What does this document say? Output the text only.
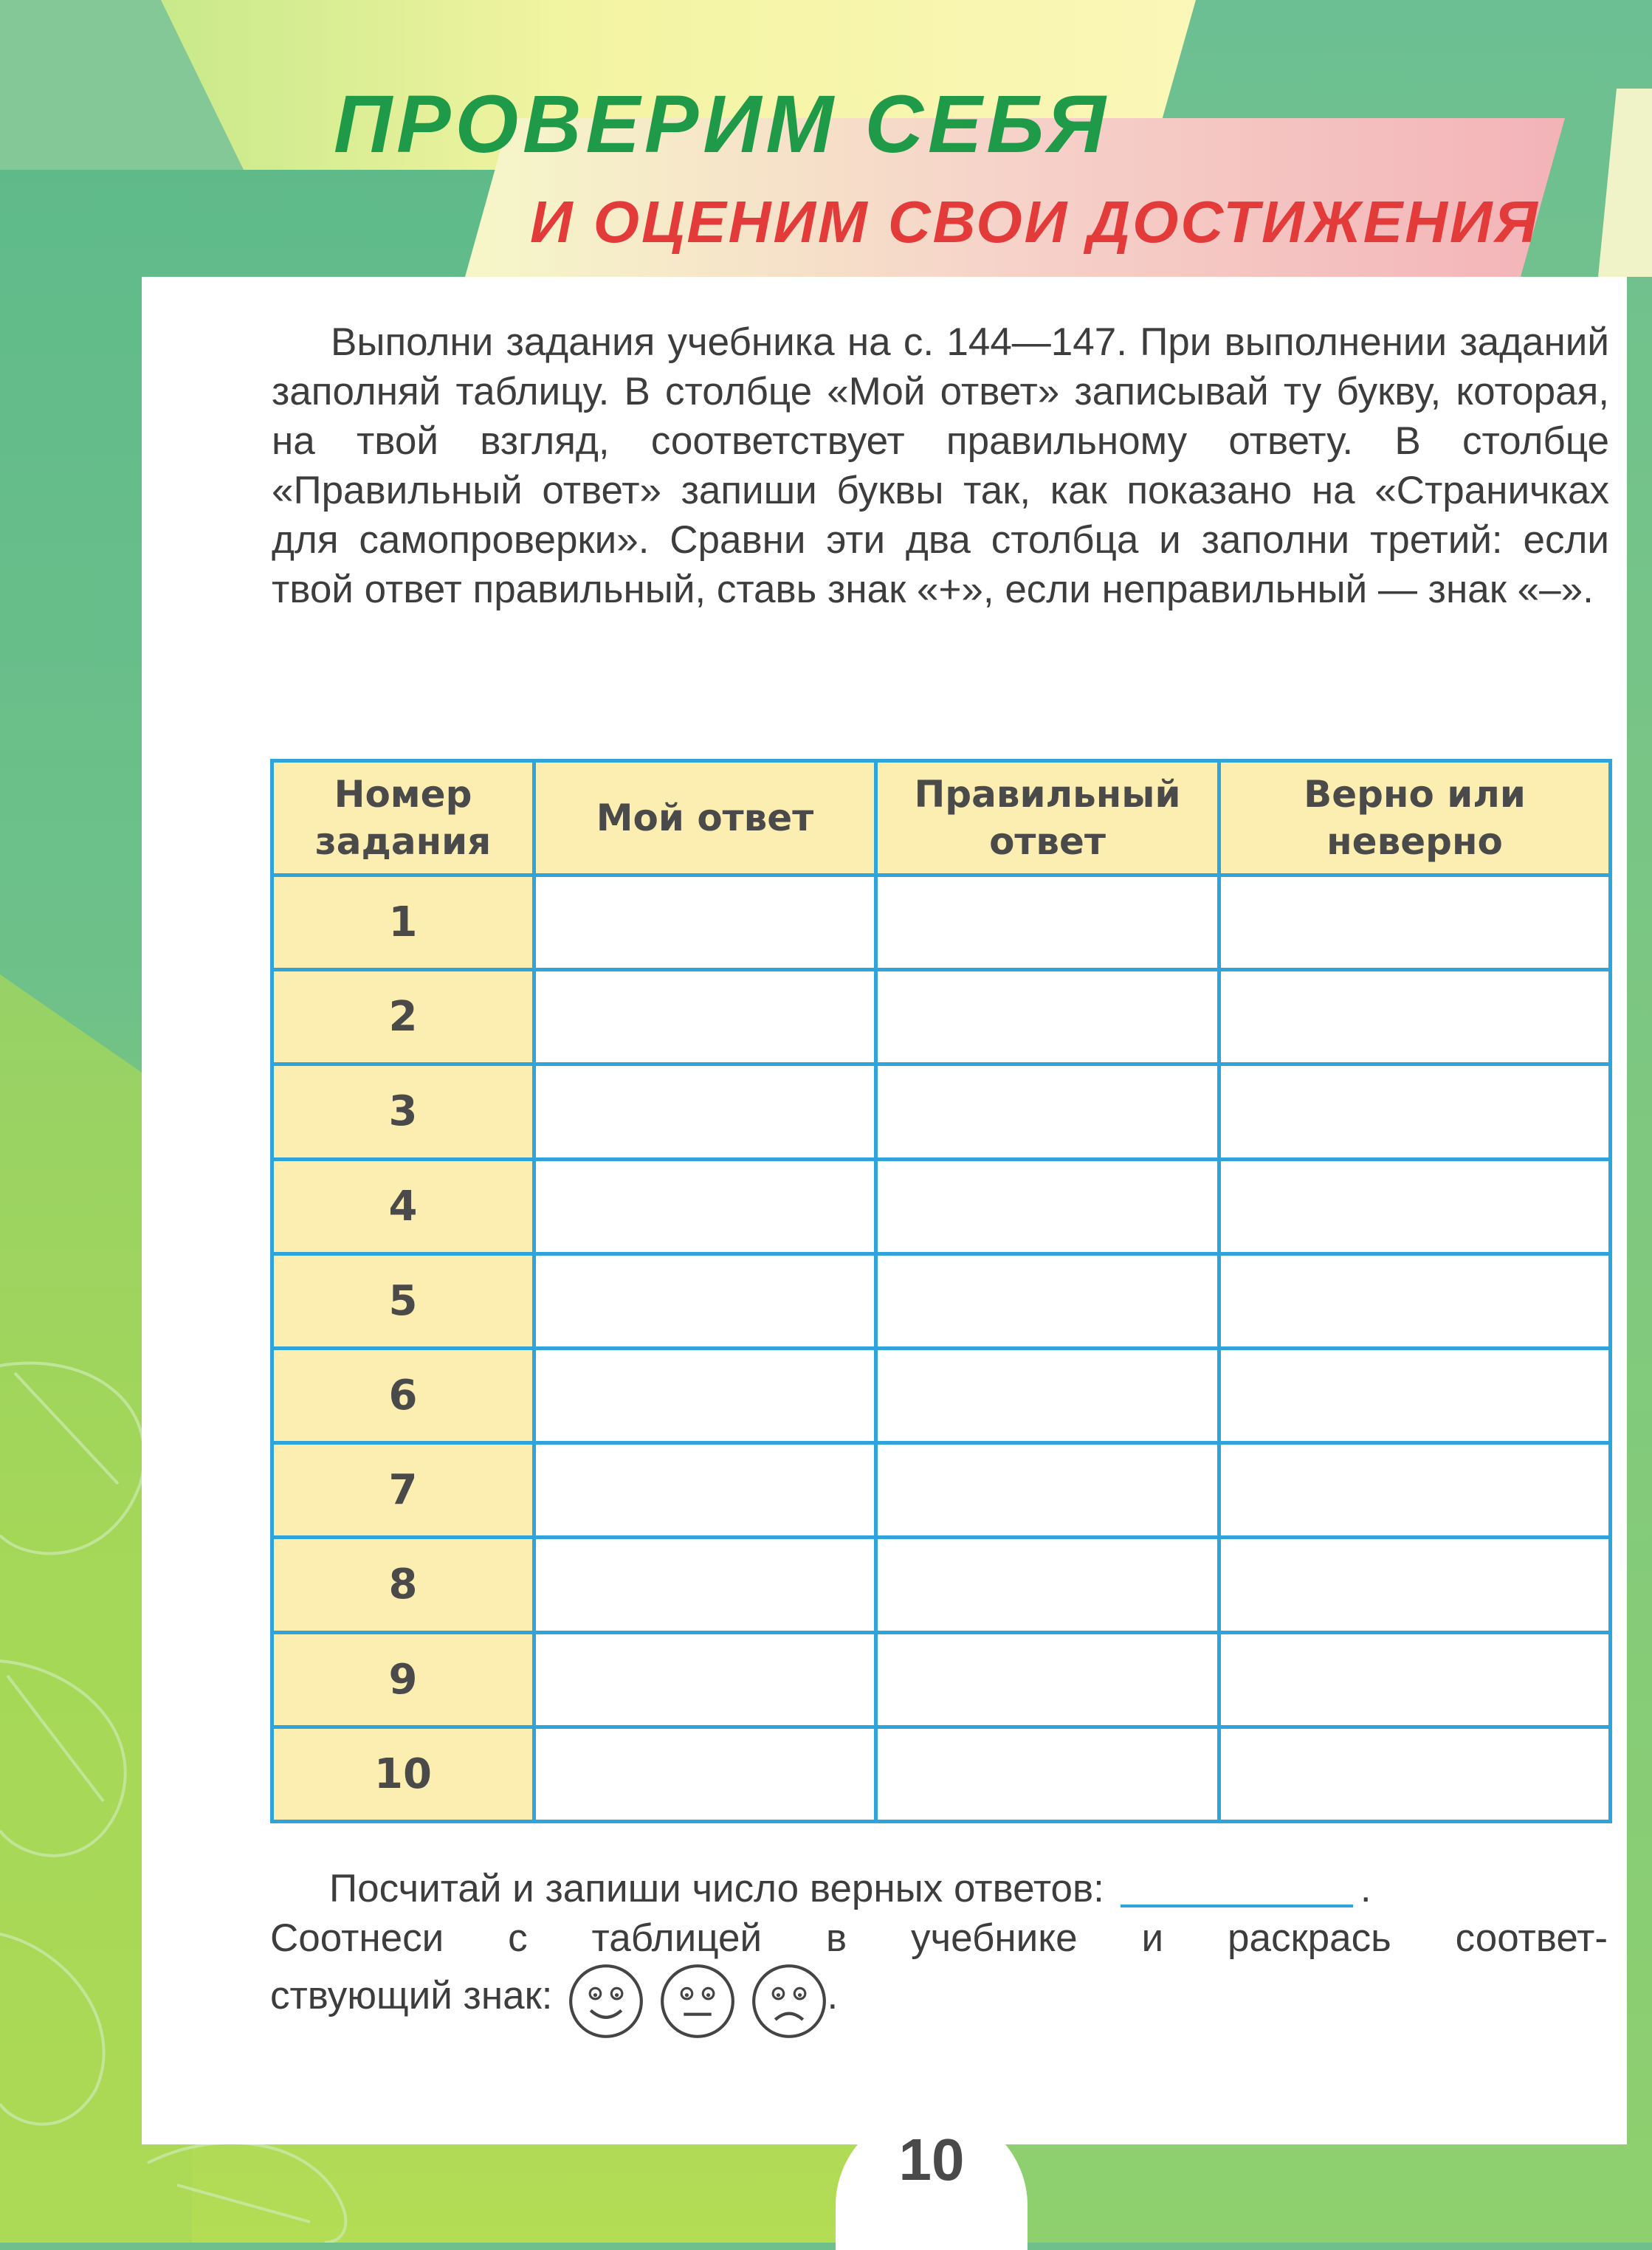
ПРОВЕРИМ СЕБЯ
И ОЦЕНИМ СВОИ ДОСТИЖЕНИЯ

Выполни задания учебника на с. 144—147. При выполнении заданий заполняй таблицу. В столбце «Мой ответ» записывай ту букву, которая, на твой взгляд, соответствует правильному ответу. В столбце «Правильный ответ» запиши буквы так, как показано на «Страничках для самопроверки». Сравни эти два столбца и заполни третий: если твой ответ правильный, ставь знак «+», если неправильный — знак «–».

Номер задания	Мой ответ	Правильный ответ	Верно или неверно
1			
2			
3			
4			
5			
6			
7			
8			
9			
10			
Посчитай и запиши число верных ответов:	.
Соотнеси с таблицей в учебнике и раскрась соответ-
ствующий знак:	.
10
